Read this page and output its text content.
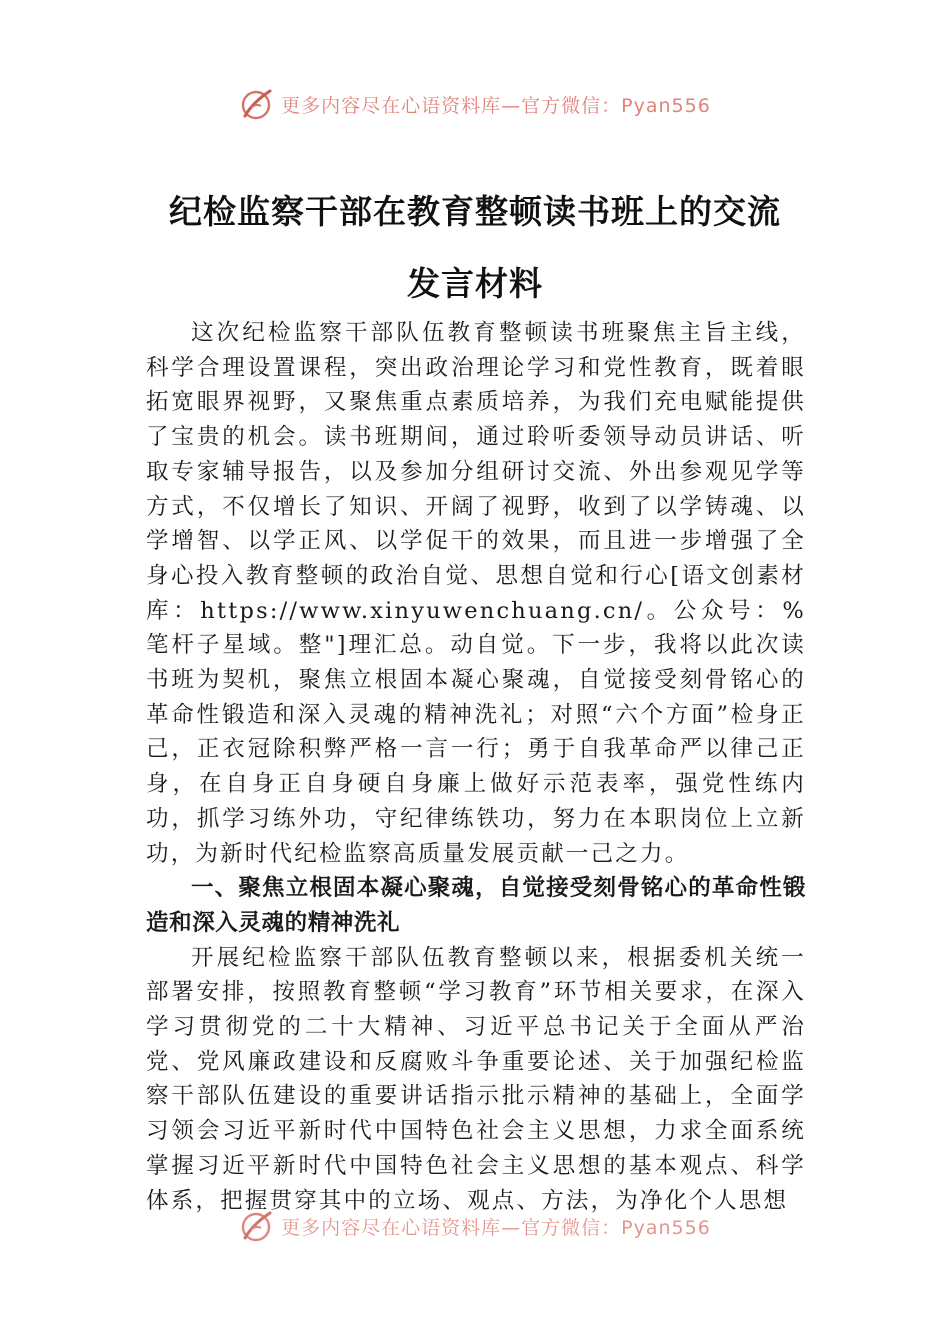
更多内容尽在心语资料库—官方微信：Pyan556
纪检监察干部在教育整顿读书班上的交流
发言材料

这次纪检监察干部队伍教育整顿读书班聚焦主旨主线，科学合理设置课程，突出政治理论学习和党性教育，既着眼拓宽眼界视野，又聚焦重点素质培养，为我们充电赋能提供了宝贵的机会。读书班期间，通过聆听委领导动员讲话、听取专家辅导报告，以及参加分组研讨交流、外出参观见学等方式，不仅增长了知识、开阔了视野，收到了以学铸魂、以学增智、以学正风、以学促干的效果，而且进一步增强了全身心投入教育整顿的政治自觉、思想自觉和行心[语文创素材库：https://www.xinyuwenchuang.cn/。公众号：%笔杆子星域。整"]理汇总。动自觉。下一步，我将以此次读书班为契机，聚焦立根固本凝心聚魂，自觉接受刻骨铭心的革命性锻造和深入灵魂的精神洗礼；对照“六个方面”检身正己，正衣冠除积弊严格一言一行；勇于自我革命严以律己正身，在自身正自身硬自身廉上做好示范表率，强党性练内功，抓学习练外功，守纪律练铁功，努力在本职岗位上立新功，为新时代纪检监察高质量发展贡献一己之力。

一、聚焦立根固本凝心聚魂，自觉接受刻骨铭心的革命性锻造和深入灵魂的精神洗礼

开展纪检监察干部队伍教育整顿以来，根据委机关统一部署安排，按照教育整顿“学习教育”环节相关要求，在深入学习贯彻党的二十大精神、习近平总书记关于全面从严治党、党风廉政建设和反腐败斗争重要论述、关于加强纪检监察干部队伍建设的重要讲话指示批示精神的基础上，全面学习领会习近平新时代中国特色社会主义思想，力求全面系统掌握习近平新时代中国特色社会主义思想的基本观点、科学体系，把握贯穿其中的立场、观点、方法，为净化个人思想

更多内容尽在心语资料库—官方微信：Pyan556
